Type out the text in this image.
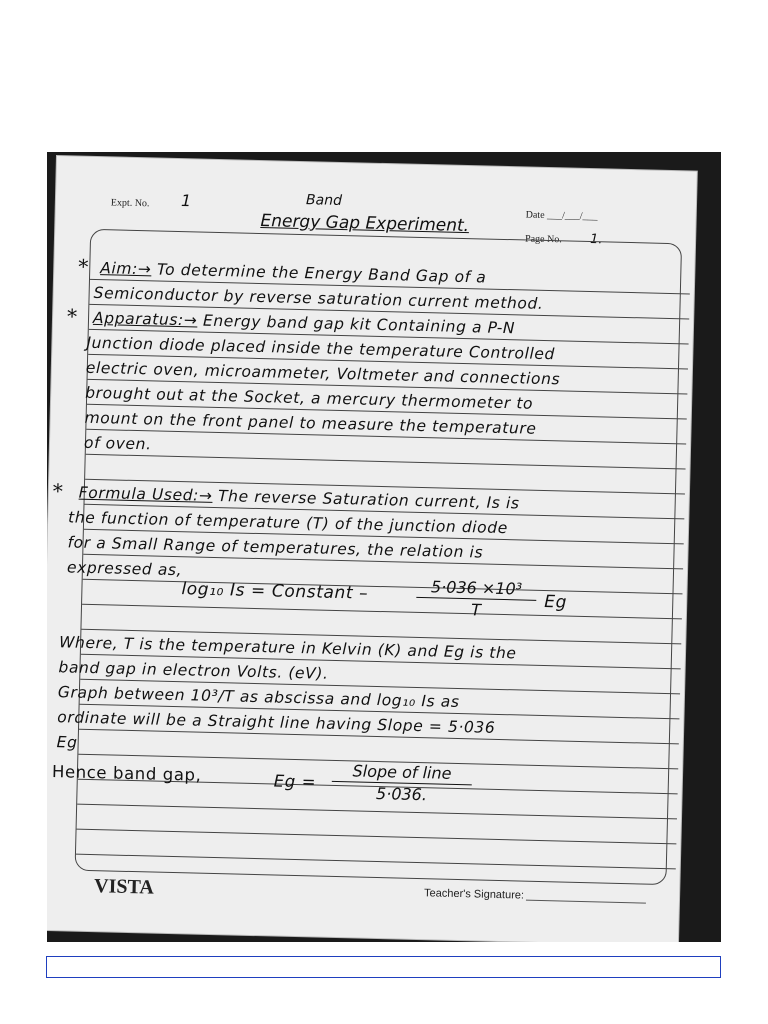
Expt. No. 1	Band
Energy Gap Experiment.	Date ___/___/___
Page No. 1.
* Aim:→ To determine the Energy Band Gap of a
Semiconductor by reverse saturation current method.
* Apparatus:→ Energy band gap kit Containing a P-N
Junction diode placed inside the temperature Controlled
electric oven, microammeter, Voltmeter and connections
brought out at the Socket, a mercury thermometer to
mount on the front panel to measure the temperature
of oven.
* Formula Used:→ The reverse Saturation current, Is is
the function of temperature (T) of the junction diode
for a Small Range of temperatures, the relation is
expressed as,
log₁₀ Is = Constant –	5·036 ×10³
T	Eg
Where, T is the temperature in Kelvin (K) and Eg is the
band gap in electron Volts. (eV).
Graph between 10³/T as abscissa and log₁₀ Is as
ordinate will be a Straight line having Slope = 5·036
Eg
Hence band gap,	Eg =	Slope of line
5·036.
VISTA	Teacher's Signature:
